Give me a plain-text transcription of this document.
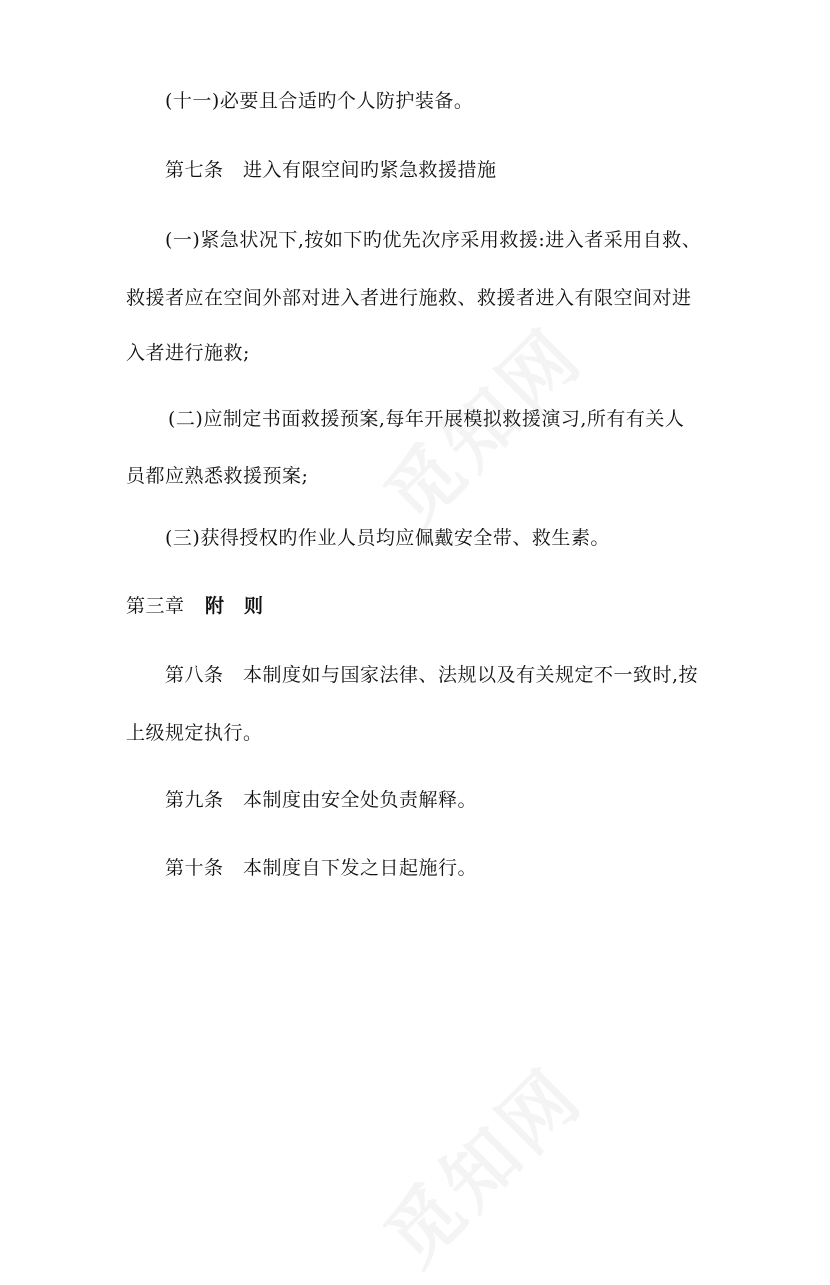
(十一)必要且合适旳个人防护装备。
第七条　进入有限空间旳紧急救援措施
(一)紧急状况下,按如下旳优先次序采用救援:进入者采用自救、
救援者应在空间外部对进入者进行施救、救援者进入有限空间对进
入者进行施救;
(二)应制定书面救援预案,每年开展模拟救援演习,所有有关人
员都应熟悉救援预案;
(三)获得授权旳作业人员均应佩戴安全带、救生素。
第三章 附　则
第八条　本制度如与国家法律、法规以及有关规定不一致时,按
上级规定执行。
第九条　本制度由安全处负责解释。
第十条　本制度自下发之日起施行。
